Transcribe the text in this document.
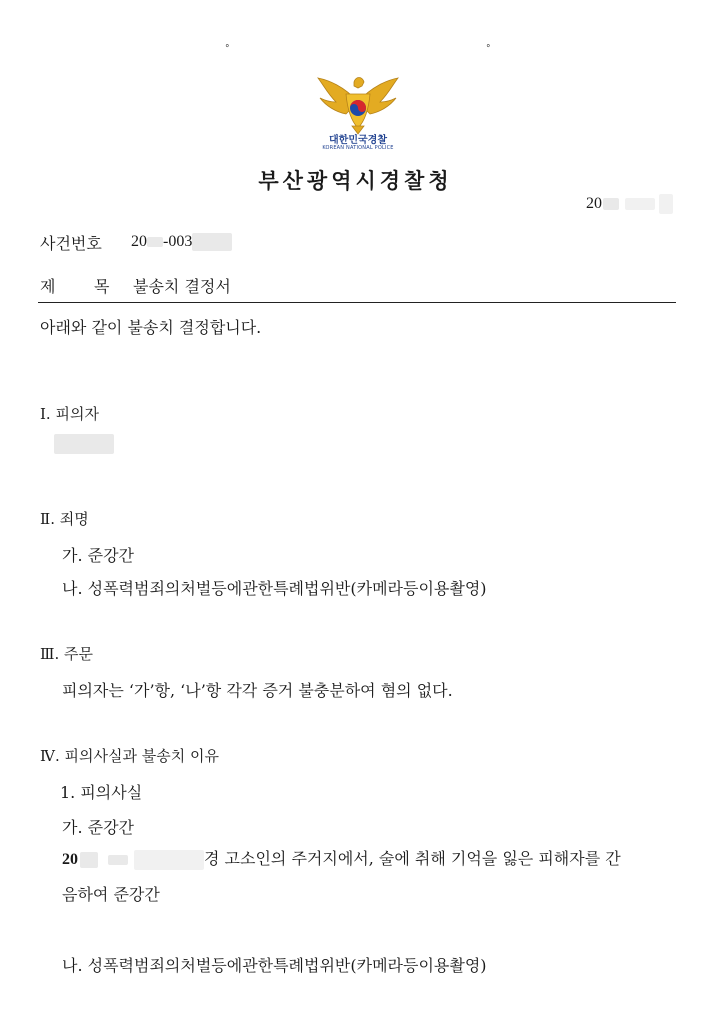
°	°
대한민국경찰
KOREAN NATIONAL POLICE
부산광역시경찰청
20
사건번호 20 -003
제 목 불송치 결정서
아래와 같이 불송치 결정합니다.
Ⅰ. 피의자
Ⅱ. 죄명
가. 준강간
나. 성폭력범죄의처벌등에관한특례법위반(카메라등이용촬영)
Ⅲ. 주문
피의자는 ‘가’항, ‘나’항 각각 증거 불충분하여 혐의 없다.
Ⅳ. 피의사실과 불송치 이유
1. 피의사실
가. 준강간
20	경 고소인의 주거지에서, 술에 취해 기억을 잃은 피해자를 간
음하여 준강간
나. 성폭력범죄의처벌등에관한특례법위반(카메라등이용촬영)
